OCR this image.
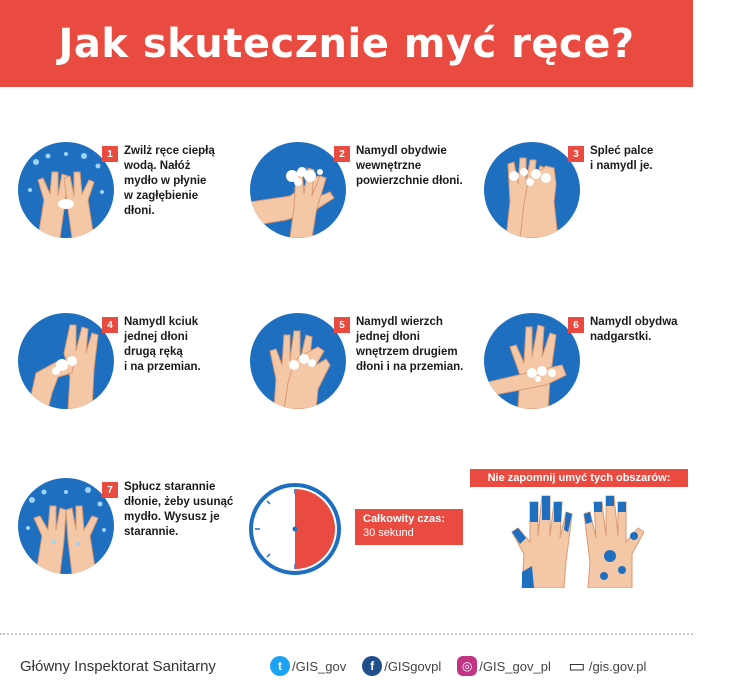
Jak skutecznie myć ręce?
1 Zwilż ręce ciepłą
wodą. Nałóż
mydło w płynie
w zagłębienie
dłoni.
2 Namydl obydwie
wewnętrzne
powierzchnie dłoni.
3 Spleć palce
i namydl je.
4 Namydl kciuk
jednej dłoni
drugą ręką
i na przemian.
5 Namydl wierzch
jednej dłoni
wnętrzem drugiem
dłoni i na przemian.
6 Namydl obydwa
nadgarstki.
7 Spłucz starannie
dłonie, żeby usunąć
mydło. Wysusz je
starannie.
Całkowity czas:
30 sekund
Nie zapomnij umyć tych obszarów:
Główny Inspektorat Sanitarny	t /GIS_gov	f /GISgovpl	◎ /GIS_gov_pl ▭ /gis.gov.pl
